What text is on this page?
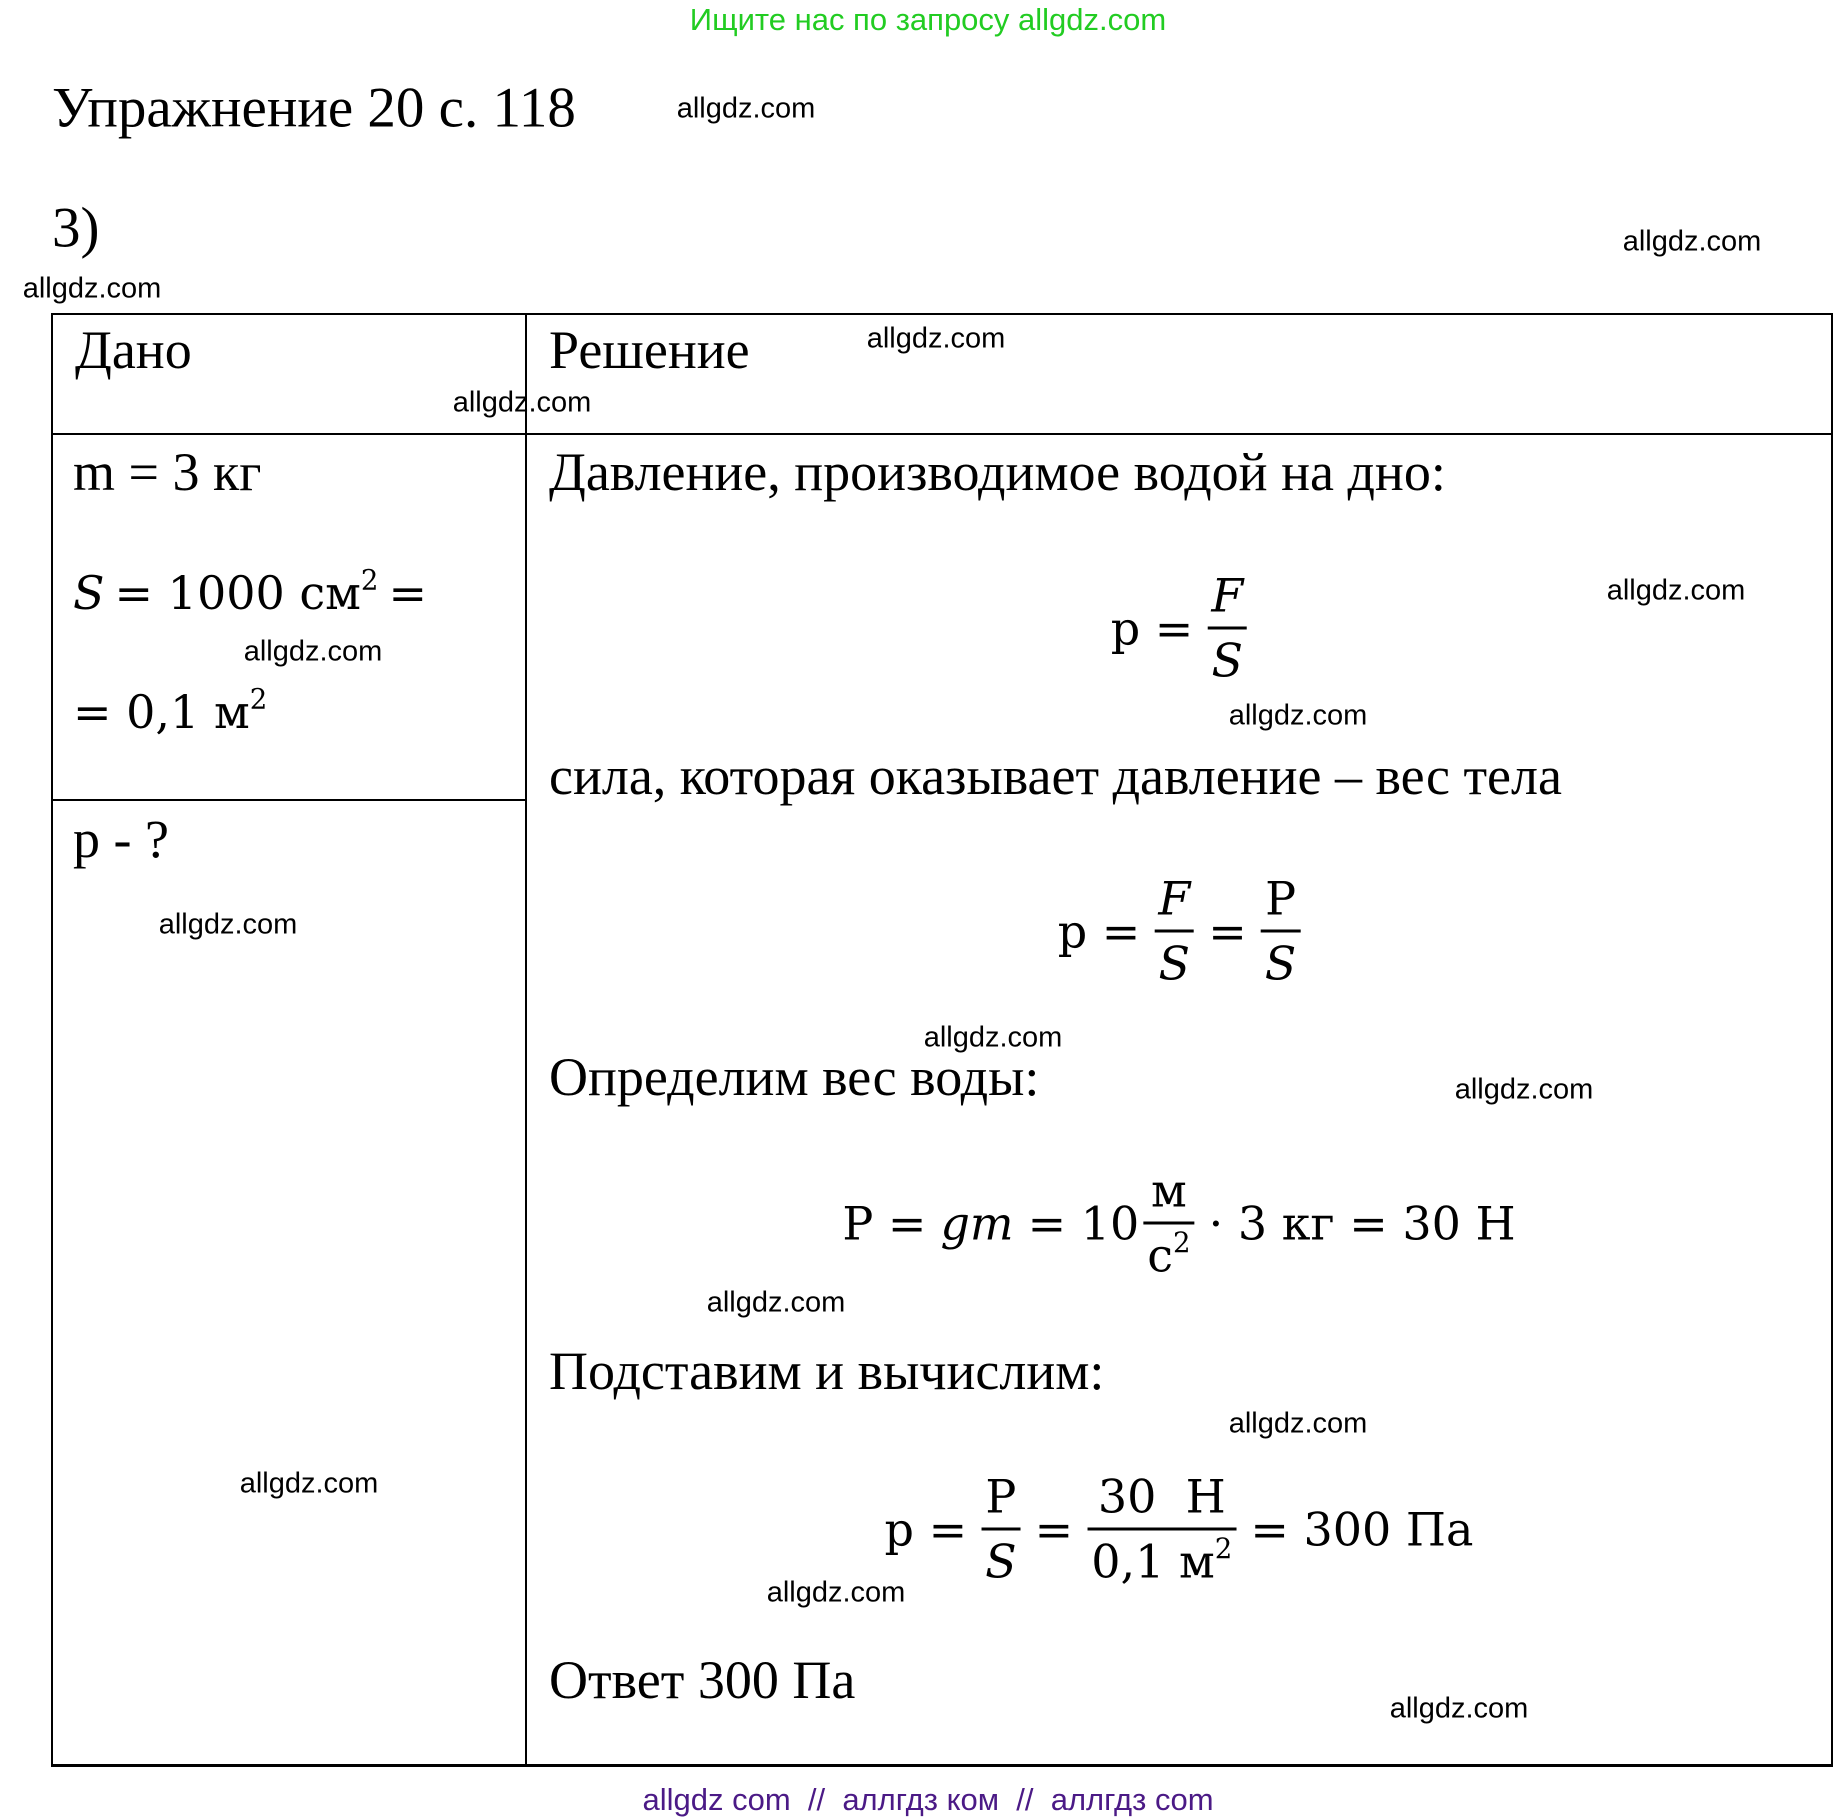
Ищите нас по запросу allgdz.com
Упражнение 20 с. 118
3)
Дано	Решение
m = 3 кг
S = 1000 $см^2$ =
= 0,1 $м^2$
p - ?
Давление, производимое водой на дно:
$p = \frac{F}{S}$
сила, которая оказывает давление – вес тела
$p = \frac{F}{S} = \frac{P}{S}$
Определим вес воды:
P = gm = $10 \frac{м}{с^2} \cdot 3$ кг = 30 Н
Подставим и вычислим:
$p = \frac{P}{S} = \frac{30 Н}{0,1 м^2} = 300$ Па
Ответ 300 Па
allgdz.com
allgdz.com
allgdz.com
allgdz.com
allgdz.com
allgdz.com
allgdz.com
allgdz.com
allgdz.com
allgdz.com
allgdz.com
allgdz.com
allgdz.com
allgdz.com
allgdz.com
allgdz.com
allgdz com  //  аллгдз ком  //  аллгдз com
